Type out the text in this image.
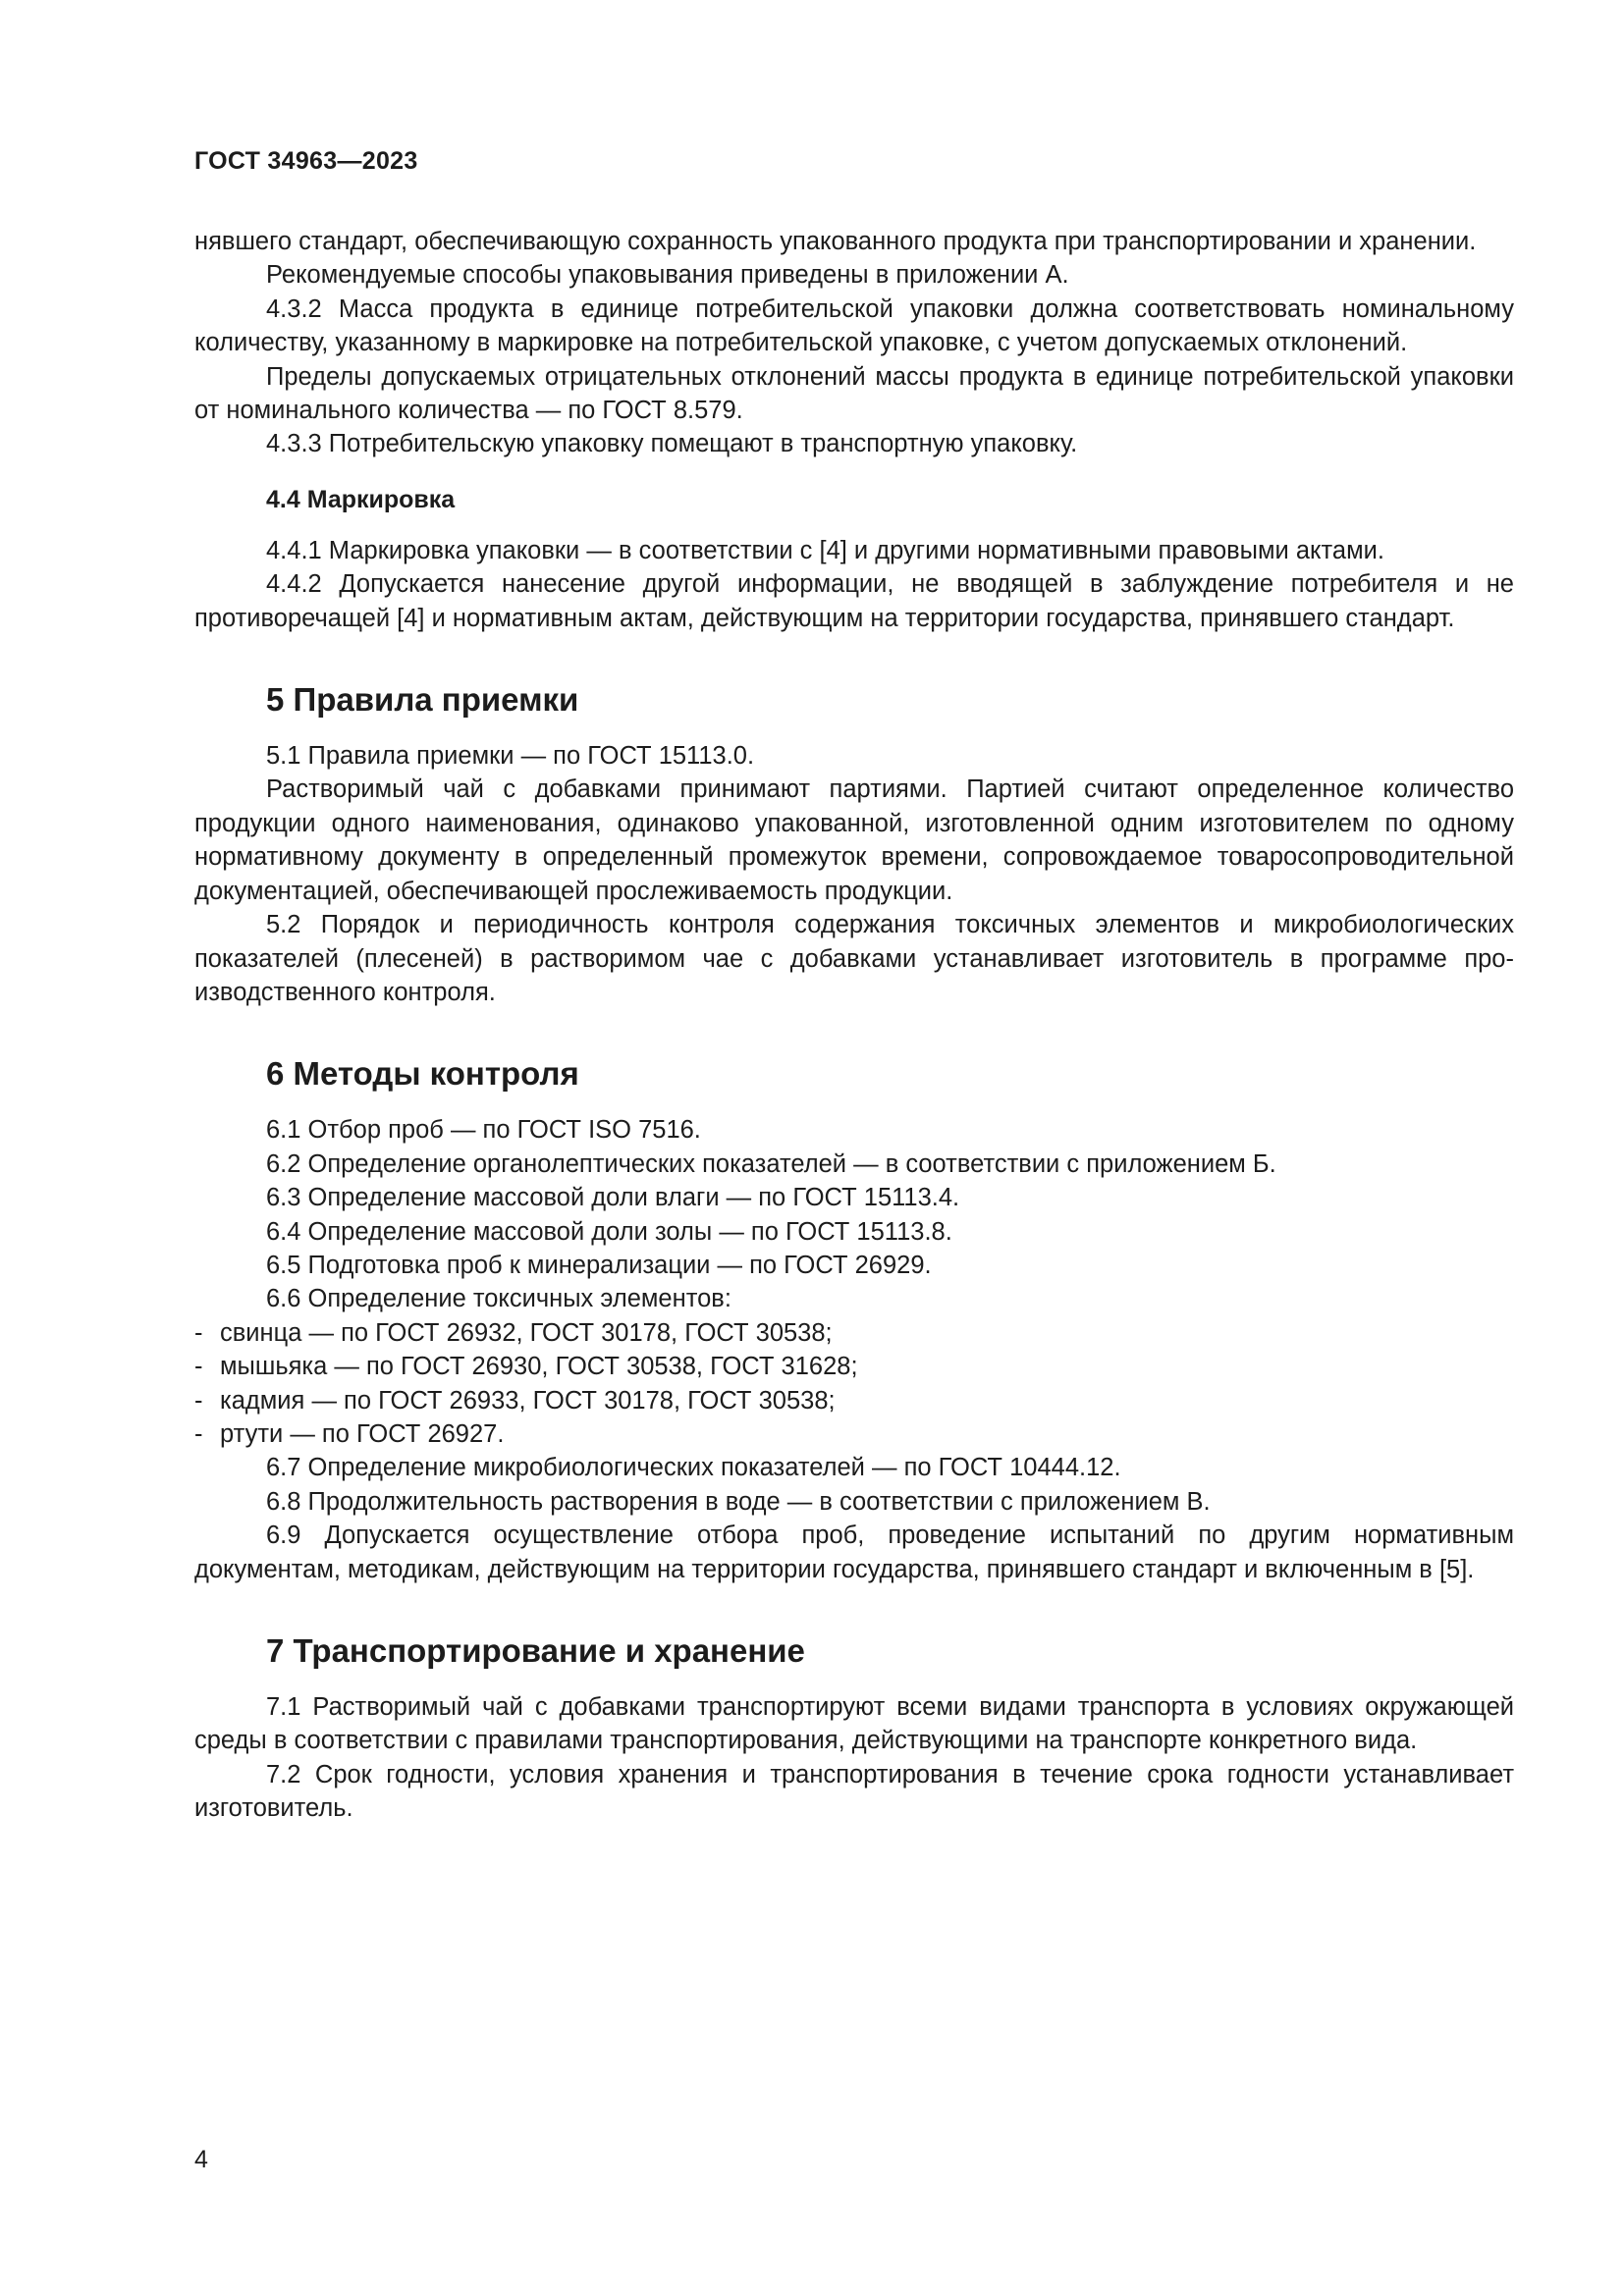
ГОСТ 34963—2023

нявшего стандарт, обеспечивающую сохранность упакованного продукта при транспортировании и хранении.

Рекомендуемые способы упаковывания приведены в приложении А.

4.3.2 Масса продукта в единице потребительской упаковки должна соответствовать номинальному количеству, указанному в маркировке на потребительской упаковке, с учетом допускаемых отклонений.

Пределы допускаемых отрицательных отклонений массы продукта в единице потребительской упаковки от номинального количества — по ГОСТ 8.579.

4.3.3 Потребительскую упаковку помещают в транспортную упаковку.

4.4 Маркировка

4.4.1 Маркировка упаковки — в соответствии с [4] и другими нормативными правовыми актами.

4.4.2 Допускается нанесение другой информации, не вводящей в заблуждение потребителя и не противоречащей [4] и нормативным актам, действующим на территории государства, принявшего стандарт.

5 Правила приемки

5.1 Правила приемки — по ГОСТ 15113.0.

Растворимый чай с добавками принимают партиями. Партией считают определенное количество продукции одного наименования, одинаково упакованной, изготовленной одним изготовителем по одному нормативному документу в определенный промежуток времени, сопровождаемое товаросопроводительной документацией, обеспечивающей прослеживаемость продукции.

5.2 Порядок и периодичность контроля содержания токсичных элементов и микробиологических показателей (плесеней) в растворимом чае с добавками устанавливает изготовитель в программе производственного контроля.

6 Методы контроля

6.1 Отбор проб — по ГОСТ ISO 7516.

6.2 Определение органолептических показателей — в соответствии с приложением Б.

6.3 Определение массовой доли влаги — по ГОСТ 15113.4.

6.4 Определение массовой доли золы — по ГОСТ 15113.8.

6.5 Подготовка проб к минерализации — по ГОСТ 26929.

6.6 Определение токсичных элементов:

- свинца — по ГОСТ 26932, ГОСТ 30178, ГОСТ 30538;

- мышьяка — по ГОСТ 26930, ГОСТ 30538, ГОСТ 31628;

- кадмия — по ГОСТ 26933, ГОСТ 30178, ГОСТ 30538;

- ртути — по ГОСТ 26927.

6.7 Определение микробиологических показателей — по ГОСТ 10444.12.

6.8 Продолжительность растворения в воде — в соответствии с приложением В.

6.9 Допускается осуществление отбора проб, проведение испытаний по другим нормативным документам, методикам, действующим на территории государства, принявшего стандарт и включенным в [5].

7 Транспортирование и хранение

7.1 Растворимый чай с добавками транспортируют всеми видами транспорта в условиях окружающей среды в соответствии с правилами транспортирования, действующими на транспорте конкретного вида.

7.2 Срок годности, условия хранения и транспортирования в течение срока годности устанавливает изготовитель.

4
